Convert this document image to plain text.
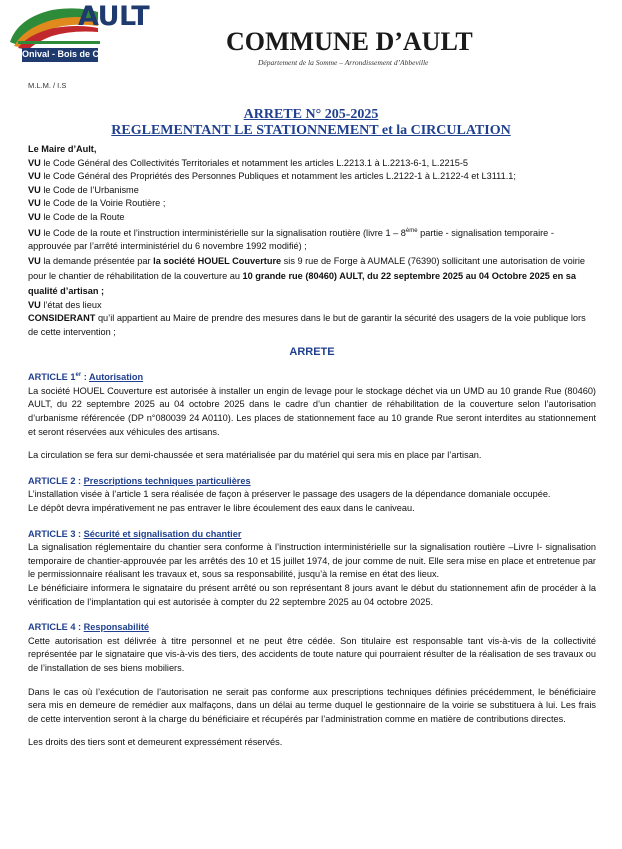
AULT
Onival - Bois de Cise	COMMUNE D’AULT
Département de la Somme – Arrondissement d’Abbeville
M.L.M. / I.S
ARRETE N° 205-2025
REGLEMENTANT LE STATIONNEMENT et la CIRCULATION

Le Maire d’Ault,

VU le Code Général des Collectivités Territoriales et notamment les articles L.2213.1 à L.2213-6-1, L.2215-5

VU le Code Général des Propriétés des Personnes Publiques et notamment les articles L.2122-1 à L.2122-4 et L3111.1;

VU le Code de l’Urbanisme

VU le Code de la Voirie Routière ;

VU le Code de la Route

VU le Code de la route et l’instruction interministérielle sur la signalisation routière (livre 1 – 8ème partie - signalisation temporaire - approuvée par l’arrêté interministériel du 6 novembre 1992 modifié) ;

VU la demande présentée par la société HOUEL Couverture sis 9 rue de Forge à AUMALE (76390) sollicitant une autorisation de voirie pour le chantier de réhabilitation de la couverture au 10 grande rue (80460) AULT, du 22 septembre 2025 au 04 Octobre 2025 en sa qualité d’artisan ;

VU l’état des lieux

CONSIDERANT qu’il appartient au Maire de prendre des mesures dans le but de garantir la sécurité des usagers de la voie publique lors de cette intervention ;

ARRETE

ARTICLE 1er : Autorisation

La société HOUEL Couverture est autorisée à installer un engin de levage pour le stockage déchet via un UMD au 10 grande Rue (80460) AULT, du 22 septembre 2025 au 04 octobre 2025 dans le cadre d’un chantier de réhabilitation de la couverture selon l’autorisation d’urbanisme référencée (DP n°080039 24 A0110). Les places de stationnement face au 10 grande Rue seront interdites au stationnement et seront réservées aux véhicules des artisans.

La circulation se fera sur demi-chaussée et sera matérialisée par du matériel qui sera mis en place par l’artisan.

ARTICLE 2 : Prescriptions techniques particulières

L’installation visée à l’article 1 sera réalisée de façon à préserver le passage des usagers de la dépendance domaniale occupée.

Le dépôt devra impérativement ne pas entraver le libre écoulement des eaux dans le caniveau.

ARTICLE 3 : Sécurité et signalisation du chantier

La signalisation réglementaire du chantier sera conforme à l’instruction interministérielle sur la signalisation routière –Livre I- signalisation temporaire de chantier-approuvée par les arrêtés des 10 et 15 juillet 1974, de jour comme de nuit. Elle sera mise en place et entretenue par le permissionnaire réalisant les travaux et, sous sa responsabilité, jusqu’à la remise en état des lieux.

Le bénéficiaire informera le signataire du présent arrêté ou son représentant 8 jours avant le début du stationnement afin de procéder à la vérification de l’implantation qui est autorisée à compter du 22 septembre 2025 au 04 octobre 2025.

ARTICLE 4 : Responsabilité

Cette autorisation est délivrée à titre personnel et ne peut être cédée. Son titulaire est responsable tant vis-à-vis de la collectivité représentée par le signataire que vis-à-vis des tiers, des accidents de toute nature qui pourraient résulter de la réalisation de ses travaux ou de l’installation de ses biens mobiliers.

Dans le cas où l’exécution de l’autorisation ne serait pas conforme aux prescriptions techniques définies précédemment, le bénéficiaire sera mis en demeure de remédier aux malfaçons, dans un délai au terme duquel le gestionnaire de la voirie se substituera à lui. Les frais de cette intervention seront à la charge du bénéficiaire et récupérés par l’administration comme en matière de contributions directes.

Les droits des tiers sont et demeurent expressément réservés.
